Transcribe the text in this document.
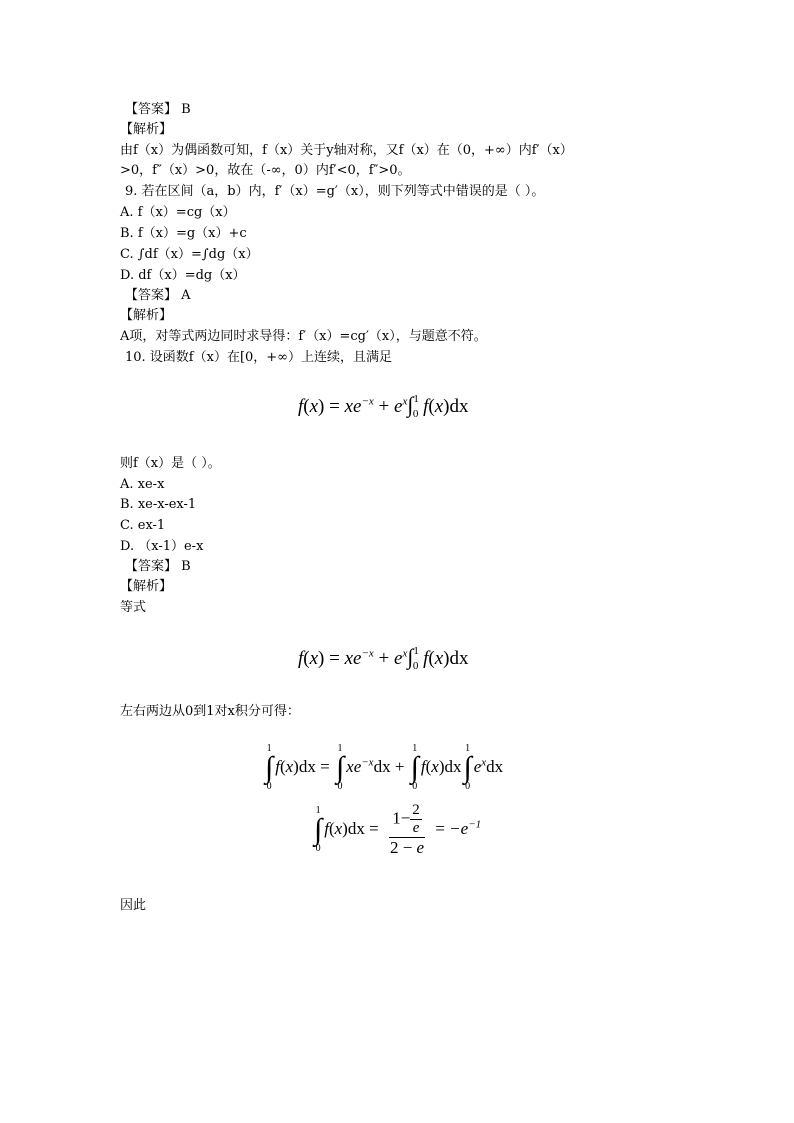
【答案】 B
【解析】
由f（x）为偶函数可知，f（x）关于y轴对称，又f（x）在（0，+∞）内f′（x）
>0，f″（x）>0，故在（-∞，0）内f′<0，f″>0。
9. 若在区间（a，b）内，f′（x）=g′（x），则下列等式中错误的是（ ）。
A. f（x）=cg（x）
B. f（x）=g（x）+c
C. ∫df（x）=∫dg（x）
D. df（x）=dg（x）
【答案】 A
【解析】
A项，对等式两边同时求导得：f′（x）=cg′（x），与题意不符。
10. 设函数f（x）在[0，+∞）上连续，且满足
$f(x) = xe^{-x} + e^x\int^1_0$ f(x)dx
则f（x）是（ ）。
A. xe-x
B. xe-x-ex-1
C. ex-1
D. （x-1）e-x
【答案】 B
【解析】
等式
$f(x) = xe^{-x} + e^x\int^1_0$ f(x)dx
左右两边从0到1对x积分可得：
1
∫
0
f(x)dx =
1
∫
0
$xe^{-x}dx$ +
1
∫
0
f(x)dx
1
∫
0
$e^xdx$
1
∫
0
$f(x)dx = \frac{1- \frac{2}{e}}{2 - e} = -e^{-1}$
因此
